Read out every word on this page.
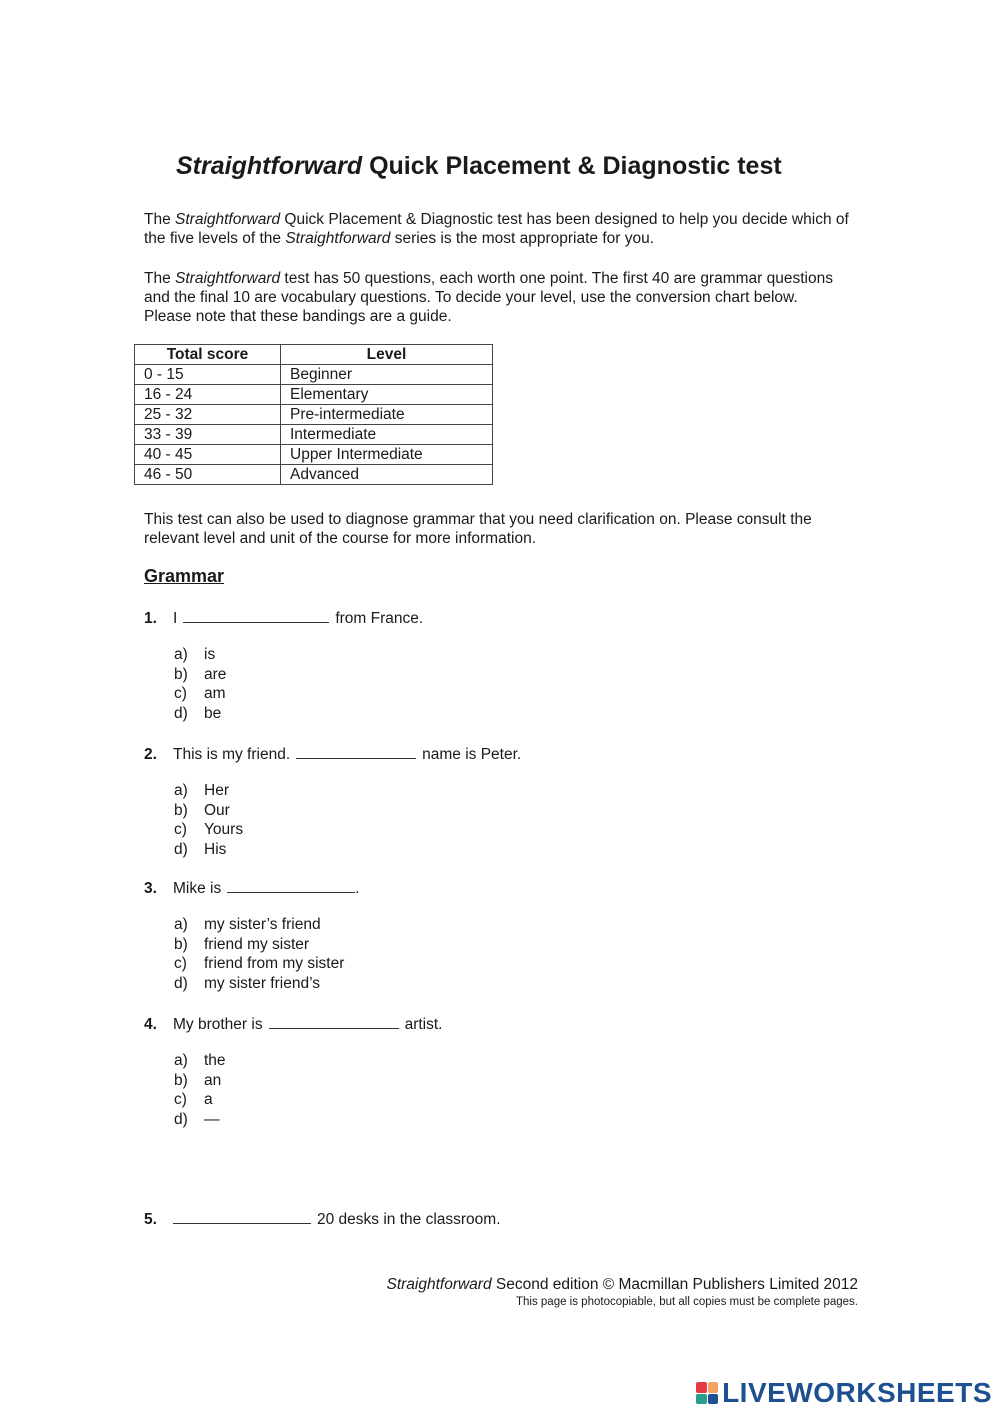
Straightforward Quick Placement & Diagnostic test

The Straightforward Quick Placement & Diagnostic test has been designed to help you decide which of the five levels of the Straightforward series is the most appropriate for you.

The Straightforward test has 50 questions, each worth one point. The first 40 are grammar questions and the final 10 are vocabulary questions. To decide your level, use the conversion chart below. Please note that these bandings are a guide.

Total score	Level
0 - 15	Beginner
16 - 24	Elementary
25 - 32	Pre-intermediate
33 - 39	Intermediate
40 - 45	Upper Intermediate
46 - 50	Advanced

This test can also be used to diagnose grammar that you need clarification on. Please consult the relevant level and unit of the course for more information.

Grammar
1. I	from France.
a) is
b) are
c) am
d) be
2. This is my friend.	name is Peter.
a) Her
b) Our
c) Yours
d) His
3. Mike is	.
a) my sister’s friend
b) friend my sister
c) friend from my sister
d) my sister friend’s
4. My brother is	artist.
a) the
b) an
c) a
d) —
5.	20 desks in the classroom.
Straightforward Second edition © Macmillan Publishers Limited 2012
This page is photocopiable, but all copies must be complete pages.
LIVEWORKSHEETS
